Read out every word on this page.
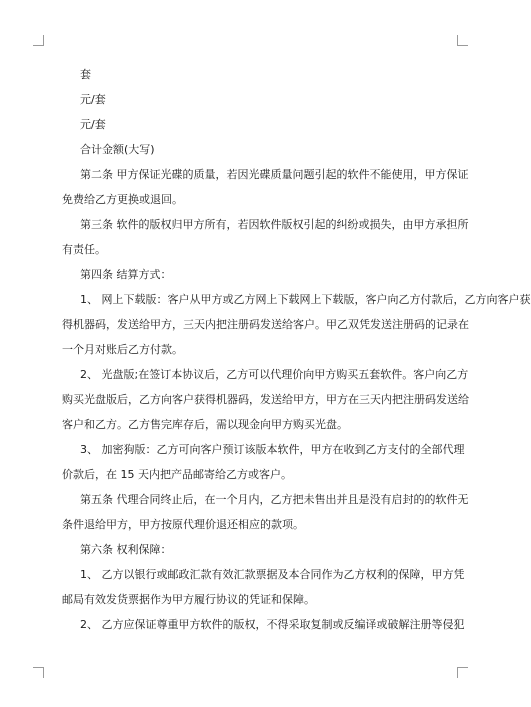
套
元/套
元/套
合计金额(大写)
第二条 甲方保证光碟的质量，若因光碟质量问题引起的软件不能使用，甲方保证
免费给乙方更换或退回。
第三条 软件的版权归甲方所有，若因软件版权引起的纠纷或损失，由甲方承担所
有责任。
第四条 结算方式：
1、 网上下载版：客户从甲方或乙方网上下载网上下载版，客户向乙方付款后，乙方向客户获
得机器码，发送给甲方，三天内把注册码发送给客户。甲乙双凭发送注册码的记录在
一个月对账后乙方付款。
2、 光盘版;在签订本协议后，乙方可以代理价向甲方购买五套软件。客户向乙方
购买光盘版后，乙方向客户获得机器码，发送给甲方，甲方在三天内把注册码发送给
客户和乙方。乙方售完库存后，需以现金向甲方购买光盘。
3、 加密狗版：乙方可向客户预订该版本软件，甲方在收到乙方支付的全部代理
价款后，在 15 天内把产品邮寄给乙方或客户。
第五条 代理合同终止后，在一个月内，乙方把未售出并且是没有启封的的软件无
条件退给甲方，甲方按原代理价退还相应的款项。
第六条 权利保障：
1、 乙方以银行或邮政汇款有效汇款票据及本合同作为乙方权利的保障，甲方凭
邮局有效发货票据作为甲方履行协议的凭证和保障。
2、 乙方应保证尊重甲方软件的版权，不得采取复制或反编译或破解注册等侵犯
